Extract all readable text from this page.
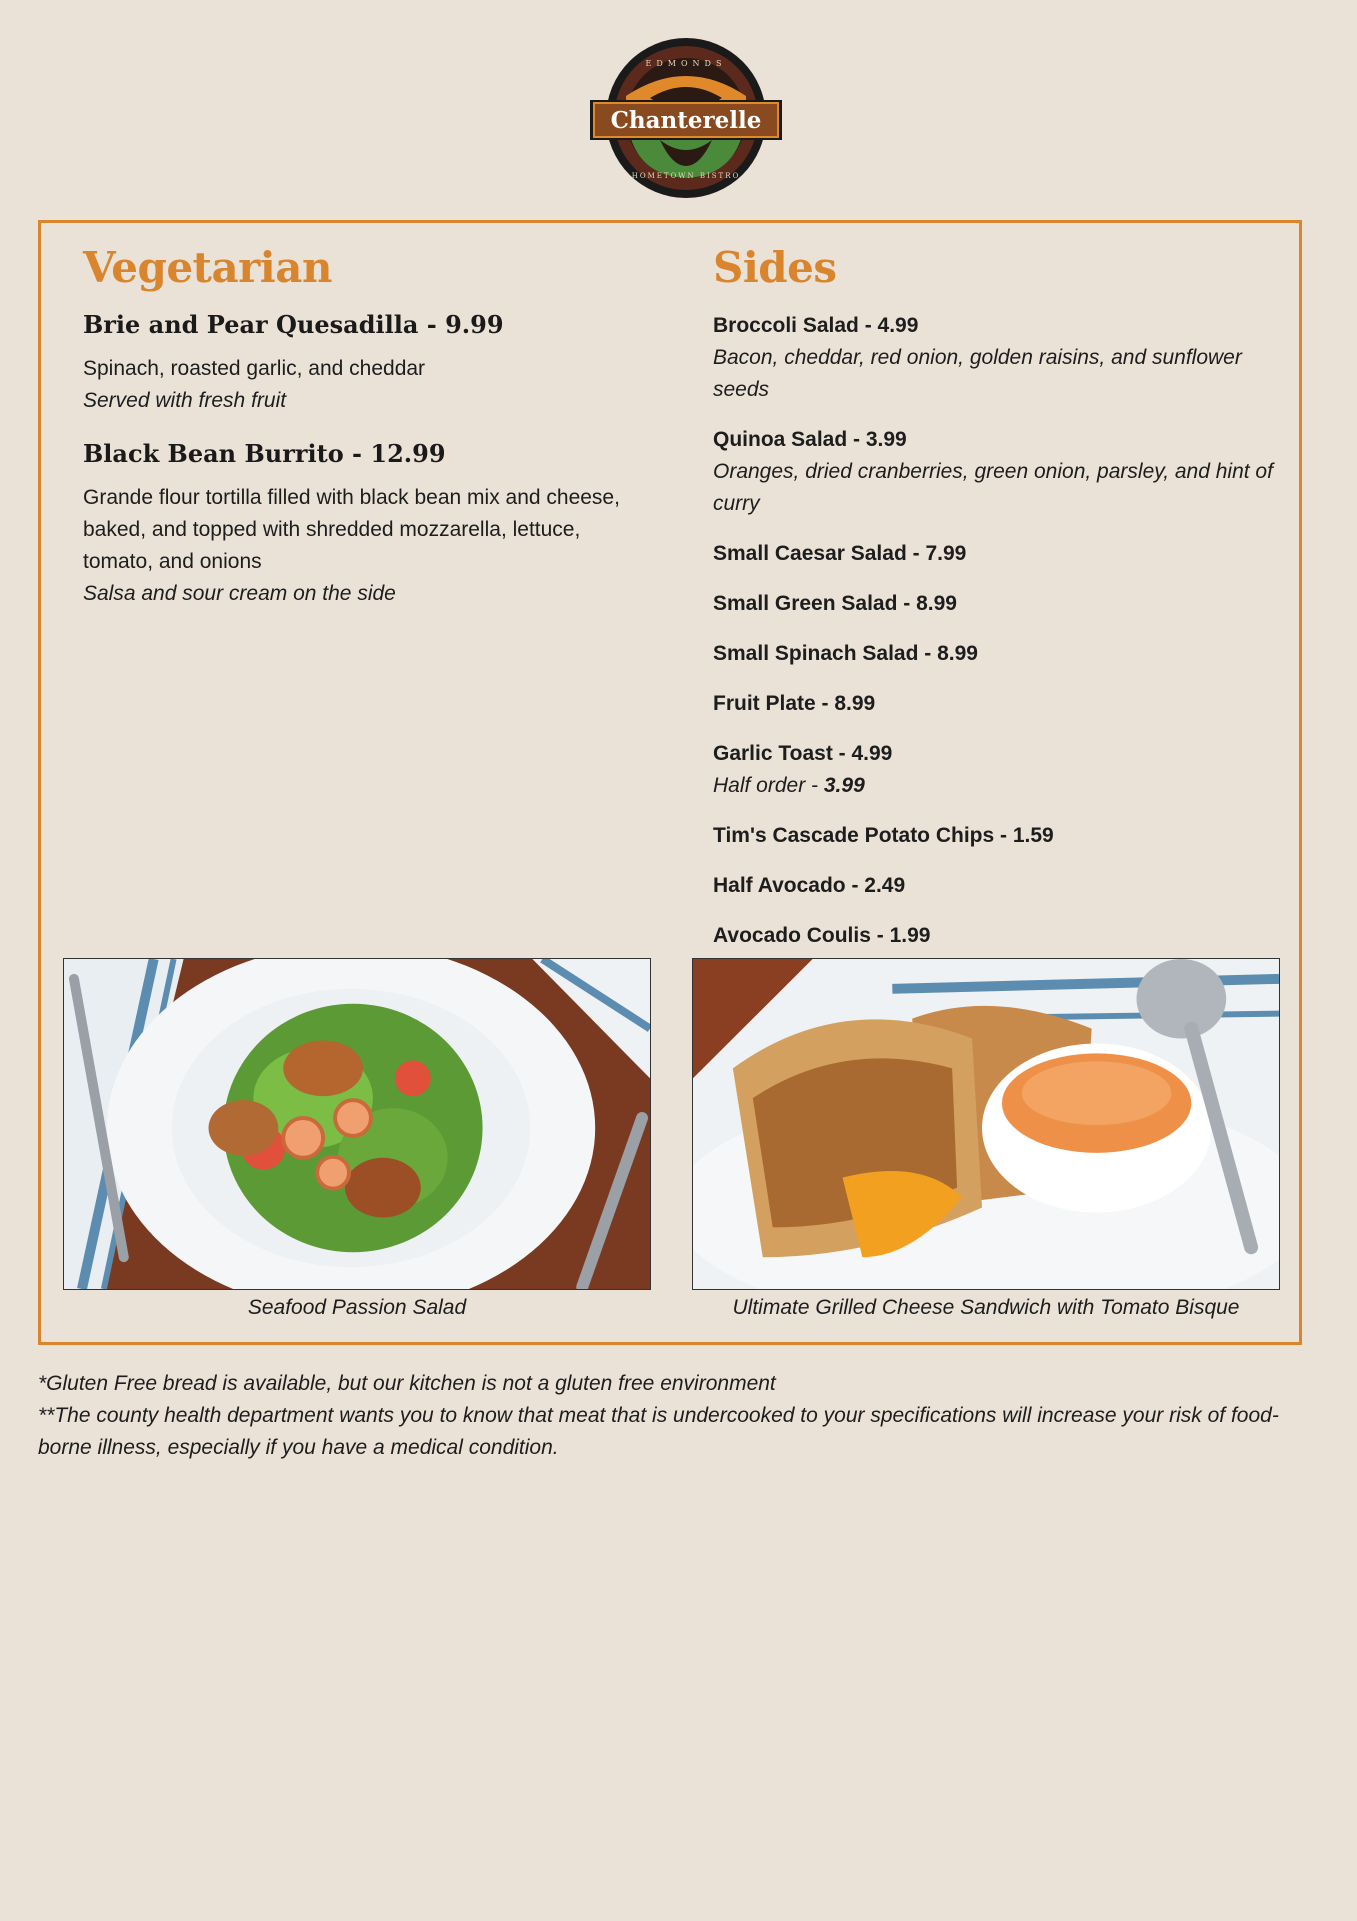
Chanterelle
EDMONDS
HOMETOWN BISTRO
Vegetarian
Brie and Pear Quesadilla - 9.99

Spinach, roasted garlic, and cheddar

Served with fresh fruit

Black Bean Burrito - 12.99

Grande flour tortilla filled with black bean mix and cheese, baked, and topped with shredded mozzarella, lettuce, tomato, and onions

Salsa and sour cream on the side

Sides
Broccoli Salad - 4.99
Bacon, cheddar, red onion, golden raisins, and sunflower seeds
Quinoa Salad - 3.99
Oranges, dried cranberries, green onion, parsley, and hint of curry
Small Caesar Salad - 7.99
Small Green Salad - 8.99
Small Spinach Salad - 8.99
Fruit Plate - 8.99
Garlic Toast - 4.99
Half order - 3.99
Tim's Cascade Potato Chips - 1.59
Half Avocado - 2.49
Avocado Coulis - 1.99
Seafood Passion Salad	Ultimate Grilled Cheese Sandwich with Tomato Bisque

*Gluten Free bread is available, but our kitchen is not a gluten free environment

**The county health department wants you to know that meat that is undercooked to your specifications will increase your risk of food-borne illness, especially if you have a medical condition.
